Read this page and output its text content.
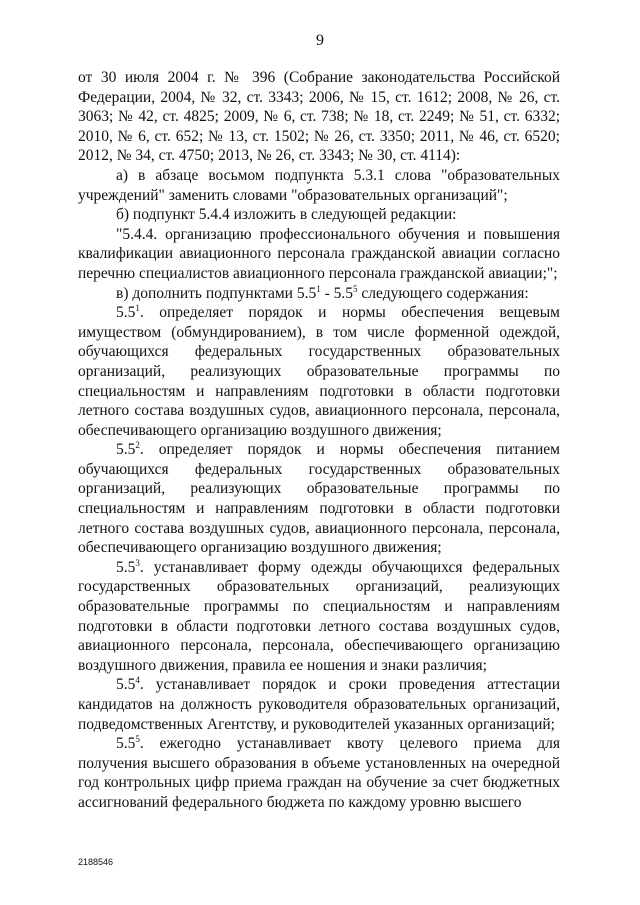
9

от 30 июля 2004 г. № 396 (Собрание законодательства Российской Федерации, 2004, № 32, ст. 3343; 2006, № 15, ст. 1612; 2008, № 26, ст. 3063; № 42, ст. 4825; 2009, № 6, ст. 738; № 18, ст. 2249; № 51, ст. 6332; 2010, № 6, ст. 652; № 13, ст. 1502; № 26, ст. 3350; 2011, № 46, ст. 6520; 2012, № 34, ст. 4750; 2013, № 26, ст. 3343; № 30, ст. 4114):

а) в абзаце восьмом подпункта 5.3.1 слова "образовательных учреждений" заменить словами "образовательных организаций";

б) подпункт 5.4.4 изложить в следующей редакции:

"5.4.4. организацию профессионального обучения и повышения квалификации авиационного персонала гражданской авиации согласно перечню специалистов авиационного персонала гражданской авиации;";

в) дополнить подпунктами $5.5^1 - 5.5^5$ следующего содержания:

$5.5^1$. определяет порядок и нормы обеспечения вещевым имуществом (обмундированием), в том числе форменной одеждой, обучающихся федеральных государственных образовательных организаций, реализующих образовательные программы по специальностям и направлениям подготовки в области подготовки летного состава воздушных судов, авиационного персонала, персонала, обеспечивающего организацию воздушного движения;

$5.5^2$. определяет порядок и нормы обеспечения питанием обучающихся федеральных государственных образовательных организаций, реализующих образовательные программы по специальностям и направлениям подготовки в области подготовки летного состава воздушных судов, авиационного персонала, персонала, обеспечивающего организацию воздушного движения;

$5.5^3$. устанавливает форму одежды обучающихся федеральных государственных образовательных организаций, реализующих образовательные программы по специальностям и направлениям подготовки в области подготовки летного состава воздушных судов, авиационного персонала, персонала, обеспечивающего организацию воздушного движения, правила ее ношения и знаки различия;

$5.5^4$. устанавливает порядок и сроки проведения аттестации кандидатов на должность руководителя образовательных организаций, подведомственных Агентству, и руководителей указанных организаций;

$5.5^5$. ежегодно устанавливает квоту целевого приема для получения высшего образования в объеме установленных на очередной год контрольных цифр приема граждан на обучение за счет бюджетных ассигнований федерального бюджета по каждому уровню высшего

2188546
